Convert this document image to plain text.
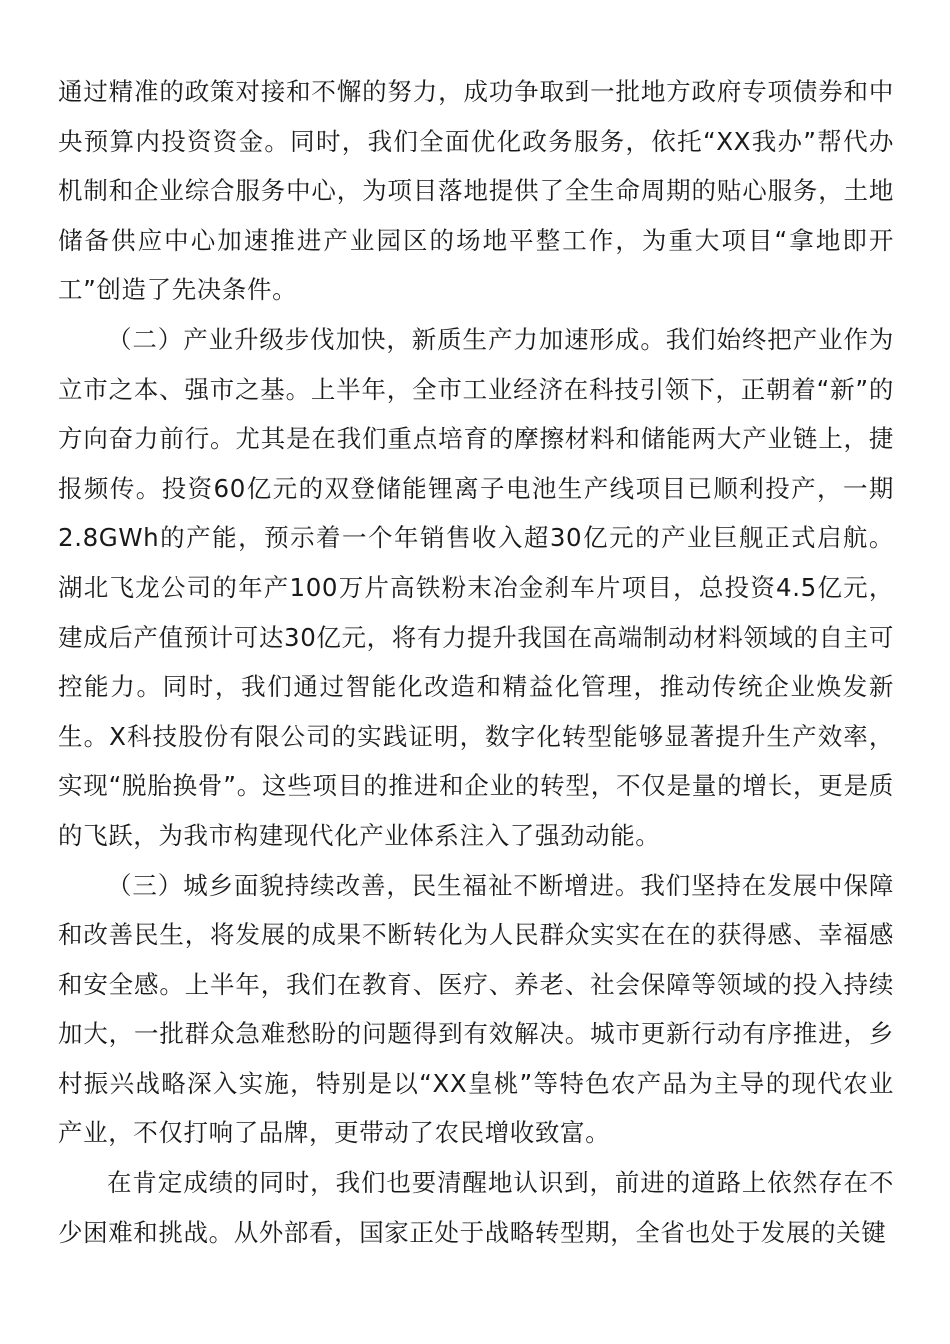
通过精准的政策对接和不懈的努力，成功争取到一批地方政府专项债券和中央预算内投资资金。同时，我们全面优化政务服务，依托“XX我办”帮代办机制和企业综合服务中心，为项目落地提供了全生命周期的贴心服务，土地储备供应中心加速推进产业园区的场地平整工作，为重大项目“拿地即开工”创造了先决条件。

（二）产业升级步伐加快，新质生产力加速形成。我们始终把产业作为立市之本、强市之基。上半年，全市工业经济在科技引领下，正朝着“新”的方向奋力前行。尤其是在我们重点培育的摩擦材料和储能两大产业链上，捷报频传。投资60亿元的双登储能锂离子电池生产线项目已顺利投产，一期2.8GWh的产能，预示着一个年销售收入超30亿元的产业巨舰正式启航。湖北飞龙公司的年产100万片高铁粉末冶金刹车片项目，总投资4.5亿元，建成后产值预计可达30亿元，将有力提升我国在高端制动材料领域的自主可控能力。同时，我们通过智能化改造和精益化管理，推动传统企业焕发新生。X科技股份有限公司的实践证明，数字化转型能够显著提升生产效率，实现“脱胎换骨”。这些项目的推进和企业的转型，不仅是量的增长，更是质的飞跃，为我市构建现代化产业体系注入了强劲动能。

（三）城乡面貌持续改善，民生福祉不断增进。我们坚持在发展中保障和改善民生，将发展的成果不断转化为人民群众实实在在的获得感、幸福感和安全感。上半年，我们在教育、医疗、养老、社会保障等领域的投入持续加大，一批群众急难愁盼的问题得到有效解决。城市更新行动有序推进，乡村振兴战略深入实施，特别是以“XX皇桃”等特色农产品为主导的现代农业产业，不仅打响了品牌，更带动了农民增收致富。

在肯定成绩的同时，我们也要清醒地认识到，前进的道路上依然存在不少困难和挑战。从外部看，国家正处于战略转型期，全省也处于发展的关键
